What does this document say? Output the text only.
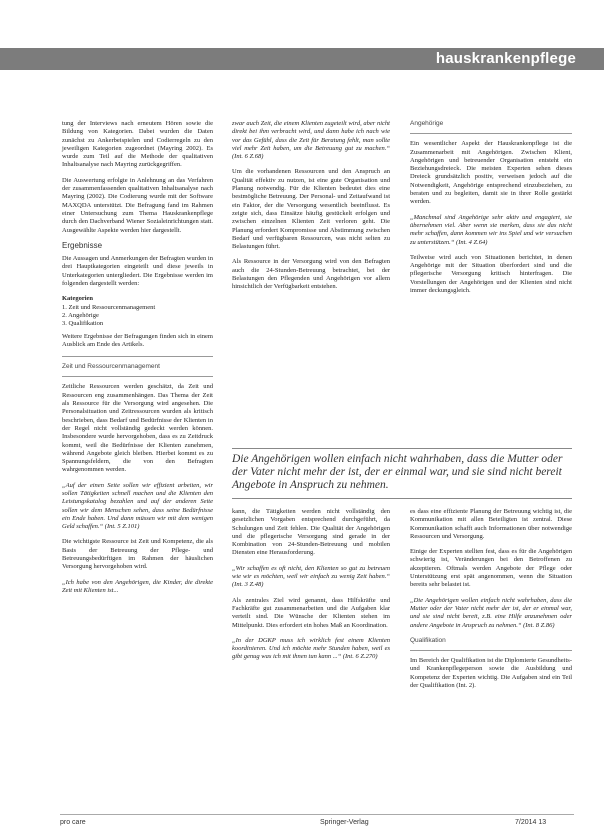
hauskrankenpflege

tung der Interviews nach erneutem Hören sowie die Bildung von Kategorien. Dabei wurden die Daten zunächst zu Ankerbeispielen und Codierregeln zu den jeweiligen Kategorien zugeordnet (Mayring 2002). Es wurde zum Teil auf die Methode der qualitativen Inhaltsanalyse nach Mayring zurückgegriffen.

Die Auswertung erfolgte in Anlehnung an das Verfahren der zusammenfassenden qualitativen Inhaltsanalyse nach Mayring (2002). Die Codierung wurde mit der Software MAXQDA unterstützt. Die Befragung fand im Rahmen einer Untersuchung zum Thema Hauskrankenpflege durch den Dachverband Wiener Sozialeinrichtungen statt. Ausgewählte Aspekte werden hier dargestellt.

Ergebnisse

Die Aussagen und Anmerkungen der Befragten wurden in drei Hauptkategorien eingeteilt und diese jeweils in Unterkategorien untergliedert. Die Ergebnisse werden im folgenden dargestellt werden:

Kategorien
1. Zeit und Ressourcenmanagement
2. Angehörige
3. Qualifikation

Weitere Ergebnisse der Befragungen finden sich in einem Ausblick am Ende des Artikels.

Zeit und Ressourcenmanagement

Zeitliche Ressourcen werden geschätzt, da Zeit und Ressourcen eng zusammenhängen. Das Thema der Zeit als Ressource für die Versorgung wird angesehen. Die Personalsituation und Zeitressourcen wurden als kritisch beschrieben, dass Bedarf und Bedürfnisse der Klienten in der Regel nicht vollständig gedeckt werden können. Insbesondere wurde hervorgehoben, dass es zu Zeitdruck kommt, weil die Bedürfnisse der Klienten zunehmen, während Angebote gleich bleiben. Hierbei kommt es zu Spannungsfeldern, die von den Befragten wahrgenommen werden.

„Auf der einen Seite sollen wir effizient arbeiten, wir sollen Tätigkeiten schnell machen und die Klienten den Leistungskatalog bezahlen und auf der anderen Seite sollen wir dem Menschen sehen, dass seine Bedürfnisse ein Ende haben. Und dann müssen wir mit dem wenigen Geld schaffen.“ (Int. 5 Z.101)

Die wichtigste Ressource ist Zeit und Kompetenz, die als Basis der Betreuung der Pflege- und Betreuungsbedürftigen im Rahmen der häuslichen Versorgung hervorgehoben wird.

„Ich habe von den Angehörigen, die Kinder, die direkte Zeit mit Klienten ist...

zwar auch Zeit, die einem Klienten zugeteilt wird, aber nicht direkt bei ihm verbracht wird, und dann habe ich nach wie vor das Gefühl, dass die Zeit für Beratung fehlt, man sollte viel mehr Zeit haben, um die Betreuung gut zu machen.“ (Int. 6 Z.68)

Um die vorhandenen Ressourcen und den Anspruch an Qualität effektiv zu nutzen, ist eine gute Organisation und Planung notwendig. Für die Klienten bedeutet dies eine bestmögliche Betreuung. Der Personal- und Zeitaufwand ist ein Faktor, der die Versorgung wesentlich beeinflusst. Es zeigte sich, dass Einsätze häufig gestückelt erfolgen und zwischen einzelnen Klienten Zeit verloren geht. Die Planung erfordert Kompromisse und Abstimmung zwischen Bedarf und verfügbaren Ressourcen, was nicht selten zu Belastungen führt.

Als Ressource in der Versorgung wird von den Befragten auch die 24-Stunden-Betreuung betrachtet, bei der Belastungen den Pflegenden und Angehörigen vor allem hinsichtlich der Verfügbarkeit entstehen.

Angehörige

Ein wesentlicher Aspekt der Hauskrankenpflege ist die Zusammenarbeit mit Angehörigen. Zwischen Klient, Angehörigen und betreuender Organisation entsteht ein Beziehungsdreieck. Die meisten Experten sehen dieses Dreieck grundsätzlich positiv, verweisen jedoch auf die Notwendigkeit, Angehörige entsprechend einzubeziehen, zu beraten und zu begleiten, damit sie in ihrer Rolle gestärkt werden.

„Manchmal sind Angehörige sehr aktiv und engagiert, sie übernehmen viel. Aber wenn sie merken, dass sie das nicht mehr schaffen, dann kommen wir ins Spiel und wir versuchen zu unterstützen.“ (Int. 4 Z.64)

Teilweise wird auch von Situationen berichtet, in denen Angehörige mit der Situation überfordert sind und die pflegerische Versorgung kritisch hinterfragen. Die Vorstellungen der Angehörigen und der Klienten sind nicht immer deckungsgleich.

Die Angehörigen wollen einfach nicht wahrhaben, dass die Mutter oder der Vater nicht mehr der ist, der er einmal war, und sie sind nicht bereit Angebote in Anspruch zu nehmen.

kann, die Tätigkeiten werden nicht vollständig den gesetzlichen Vorgaben entsprechend durchgeführt, da Schulungen und Zeit fehlen. Die Qualität der Angehörigen und die pflegerische Versorgung sind gerade in der Kombination von 24-Stunden-Betreuung und mobilen Diensten eine Herausforderung.

„Wir schaffen es oft nicht, den Klienten so gut zu betreuen wie wir es möchten, weil wir einfach zu wenig Zeit haben.“ (Int. 3 Z.48)

Als zentrales Ziel wird genannt, dass Hilfskräfte und Fachkräfte gut zusammenarbeiten und die Aufgaben klar verteilt sind. Die Wünsche der Klienten stehen im Mittelpunkt. Dies erfordert ein hohes Maß an Koordination.

„In der DGKP muss ich wirklich fest einem Klienten koordinieren. Und ich möchte mehr Stunden haben, weil es gibt genug was ich mit ihnen tun kann ...“ (Int. 6 Z.270)

es dass eine effiziente Planung der Betreuung wichtig ist, die Kommunikation mit allen Beteiligten ist zentral. Diese Kommunikation schafft auch Informationen über notwendige Ressourcen und Versorgung.

Einige der Experten stellten fest, dass es für die Angehörigen schwierig ist, Veränderungen bei den Betroffenen zu akzeptieren. Oftmals werden Angebote der Pflege oder Unterstützung erst spät angenommen, wenn die Situation bereits sehr belastet ist.

„Die Angehörigen wollen einfach nicht wahrhaben, dass die Mutter oder der Vater nicht mehr der ist, der er einmal war, und sie sind nicht bereit, z.B. eine Hilfe anzunehmen oder andere Angebote in Anspruch zu nehmen.“ (Int. 8 Z.86)

Qualifikation

Im Bereich der Qualifikation ist die Diplomierte Gesundheits- und Krankenpflegeperson sowie die Ausbildung und Kompetenz der Experten wichtig. Die Aufgaben sind ein Teil der Qualifikation (Int. 2).

pro care	Springer-Verlag	7/2014 13
